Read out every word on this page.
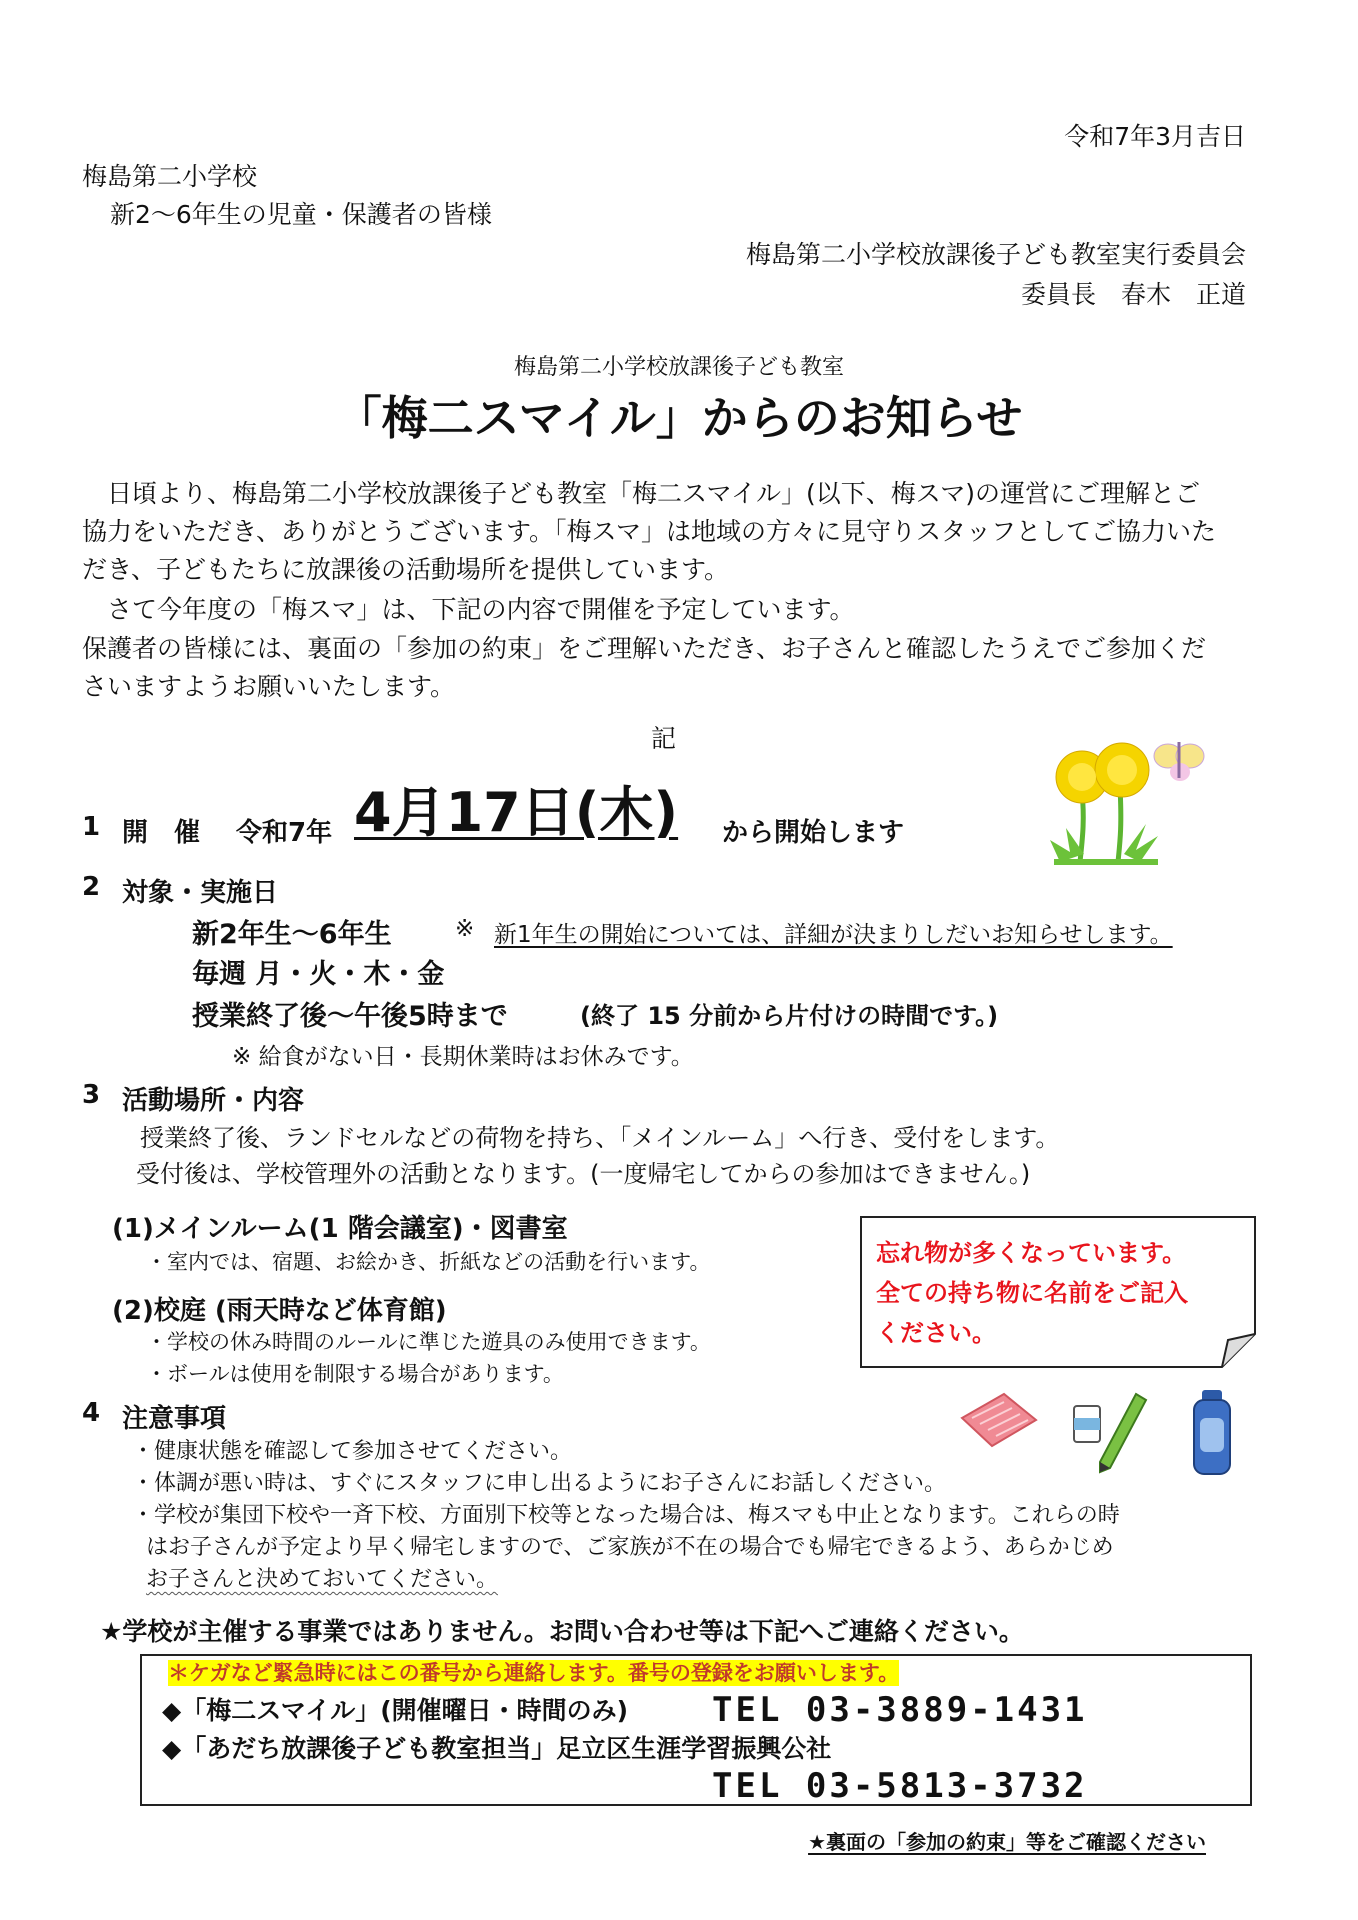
令和7年3月吉日
梅島第二小学校
新2～6年生の児童・保護者の皆様
梅島第二小学校放課後子ども教室実行委員会
委員長　春木　正道
梅島第二小学校放課後子ども教室
「梅二スマイル」からのお知らせ
　日頃より、梅島第二小学校放課後子ども教室「梅二スマイル」(以下、梅スマ)の運営にご理解とご
協力をいただき、ありがとうございます。「梅スマ」は地域の方々に見守りスタッフとしてご協力いた
だき、子どもたちに放課後の活動場所を提供しています。
　さて今年度の「梅スマ」は、下記の内容で開催を予定しています。
保護者の皆様には、裏面の「参加の約束」をご理解いただき、お子さんと確認したうえでご参加くだ
さいますようお願いいたします。
記
1 開　催 令和7年 4月17日(木) から開始します
2 対象・実施日
新2年生～6年生	※ 新1年生の開始については、詳細が決まりしだいお知らせします。
毎週 月・火・木・金
授業終了後～午後5時まで	(終了 15 分前から片付けの時間です。)
※ 給食がない日・長期休業時はお休みです。
3 活動場所・内容
授業終了後、ランドセルなどの荷物を持ち、「メインルーム」へ行き、受付をします。
受付後は、学校管理外の活動となります。(一度帰宅してからの参加はできません。)
(1)メインルーム(1 階会議室)・図書室
・室内では、宿題、お絵かき、折紙などの活動を行います。
(2)校庭 (雨天時など体育館)
・学校の休み時間のルールに準じた遊具のみ使用できます。
・ボールは使用を制限する場合があります。
忘れ物が多くなっています。
全ての持ち物に名前をご記入
ください。
4 注意事項
・健康状態を確認して参加させてください。
・体調が悪い時は、すぐにスタッフに申し出るようにお子さんにお話しください。
・学校が集団下校や一斉下校、方面別下校等となった場合は、梅スマも中止となります。これらの時
はお子さんが予定より早く帰宅しますので、ご家族が不在の場合でも帰宅できるよう、あらかじめ
お子さんと決めておいてください。
★学校が主催する事業ではありません。お問い合わせ等は下記へご連絡ください。
＊ケガなど緊急時にはこの番号から連絡します。番号の登録をお願いします。
◆「梅二スマイル」(開催曜日・時間のみ) TEL 03-3889-1431
◆「あだち放課後子ども教室担当」足立区生涯学習振興公社
TEL 03-5813-3732
★裏面の「参加の約束」等をご確認ください
